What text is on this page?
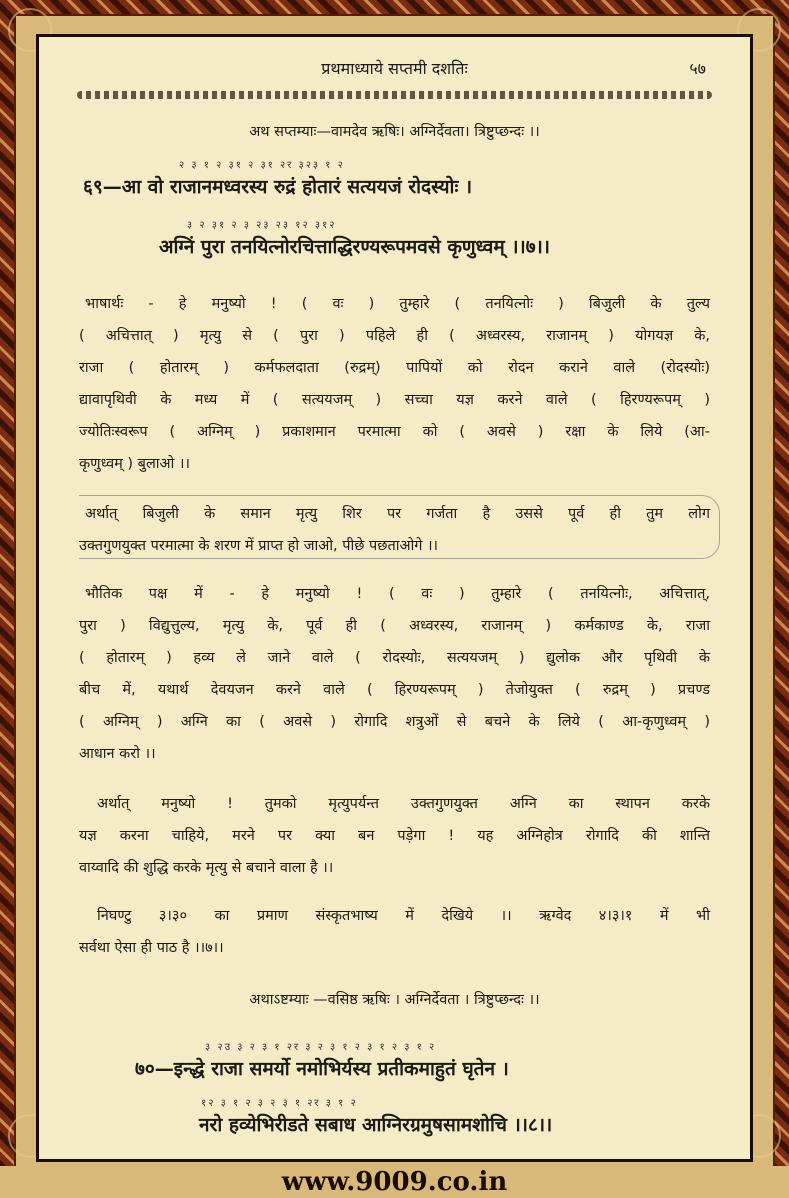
प्रथमाध्याये सप्तमी दशतिः	५७
अथ सप्तम्याः—वामदेव ऋषिः। अग्निर्देवता। त्रिष्टुप्छन्दः ।।
२ ३ १ २ ३१ २ ३१ २र ३२३ १ २
६९—आ वो राजानमध्वरस्य रुद्रं होतारं सत्ययजं रोदस्योः ।
३ २ ३१ २ ३ २३ २३ १२ ३१२
अग्निं पुरा तनयित्नोरचित्ताद्धिरण्यरूपमवसे कृणुध्वम् ।।७।।
भाषार्थः - हे मनुष्यो ! ( वः ) तुम्हारे ( तनयित्नोः ) बिजुली के तुल्य
( अचित्तात् ) मृत्यु से ( पुरा ) पहिले ही ( अध्वरस्य, राजानम् ) योगयज्ञ के,
राजा ( होतारम् ) कर्मफलदाता (रुद्रम्) पापियों को रोदन कराने वाले (रोदस्योः)
द्यावापृथिवी के मध्य में ( सत्ययजम् ) सच्चा यज्ञ करने वाले ( हिरण्यरूपम् )
ज्योतिःस्वरूप ( अग्निम् ) प्रकाशमान परमात्मा को ( अवसे ) रक्षा के लिये (आ-
कृणुध्वम् ) बुलाओ ।।
अर्थात् बिजुली के समान मृत्यु शिर पर गर्जता है उससे पूर्व ही तुम लोग
उक्तगुणयुक्त परमात्मा के शरण में प्राप्त हो जाओ, पीछे पछताओगे ।।
भौतिक पक्ष में - हे मनुष्यो ! ( वः ) तुम्हारे ( तनयित्नोः, अचित्तात्,
पुरा ) विद्युत्तुल्य, मृत्यु के, पूर्व ही ( अध्वरस्य, राजानम् ) कर्मकाण्ड के, राजा
( होतारम् ) हव्य ले जाने वाले ( रोदस्योः, सत्ययजम् ) द्युलोक और पृथिवी के
बीच में, यथार्थ देवयजन करने वाले ( हिरण्यरूपम् ) तेजोयुक्त ( रुद्रम् ) प्रचण्ड
( अग्निम् ) अग्नि का ( अवसे ) रोगादि शत्रुओं से बचने के लिये ( आ-कृणुध्वम् )
आधान करो ।।
अर्थात् मनुष्यो ! तुमको मृत्युपर्यन्त उक्तगुणयुक्त अग्नि का स्थापन करके
यज्ञ करना चाहिये, मरने पर क्या बन पड़ेगा ! यह अग्निहोत्र रोगादि की शान्ति
वाय्वादि की शुद्धि करके मृत्यु से बचाने वाला है ।।
निघण्टु ३।३० का प्रमाण संस्कृतभाष्य में देखिये ।। ऋग्वेद ४।३।१ में भी
सर्वथा ऐसा ही पाठ है ।।७।।
अथाऽष्टम्याः —वसिष्ठ ऋषिः । अग्निर्देवता । त्रिष्टुप्छन्दः ।।
३ २उ ३ २ ३ १ २र ३ २ ३ १ २ ३ १ २ ३ १ २
७०—इन्द्धे राजा समर्यो नमोभिर्यस्य प्रतीकमाहुतं घृतेन ।
१२ ३ १ २ ३ २ ३ १ २र ३ १ २
नरो हव्येभिरीडते सबाध आग्निरग्रमुषसामशोचि ।।८।।
www.9009.co.in
